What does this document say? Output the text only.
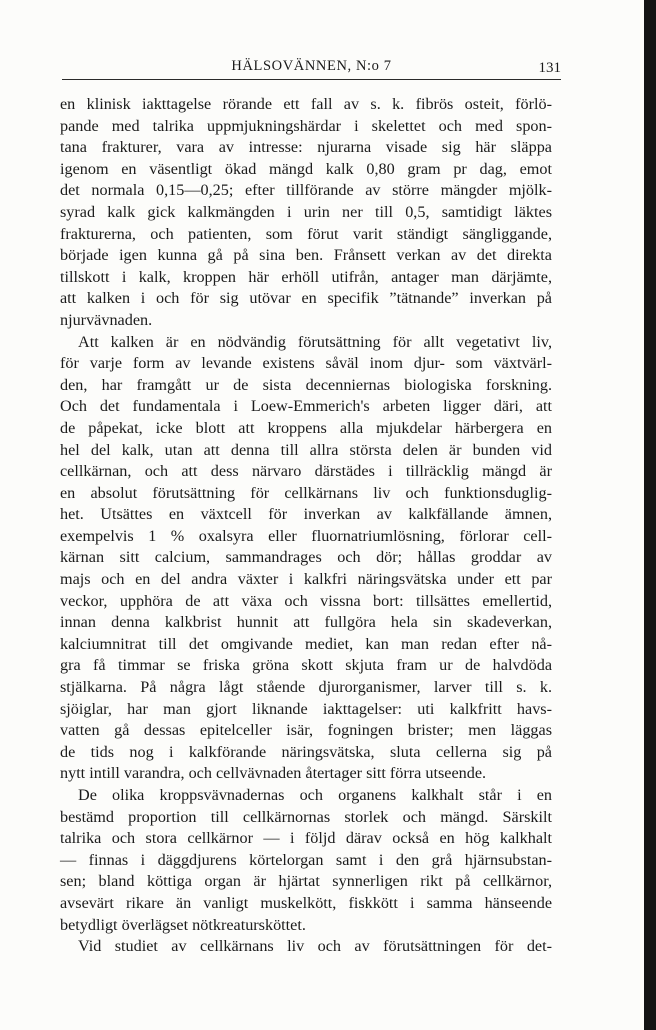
HÄLSOVÄNNEN, N:o 7	131
en klinisk iakttagelse rörande ett fall av s. k. fibrös osteit, förlö-
pande med talrika uppmjukningshärdar i skelettet och med spon-
tana frakturer, vara av intresse: njurarna visade sig här släppa
igenom en väsentligt ökad mängd kalk 0,80 gram pr dag, emot
det normala 0,15—0,25; efter tillförande av större mängder mjölk-
syrad kalk gick kalkmängden i urin ner till 0,5, samtidigt läktes
frakturerna, och patienten, som förut varit ständigt sängliggande,
började igen kunna gå på sina ben. Frånsett verkan av det direkta
tillskott i kalk, kroppen här erhöll utifrån, antager man därjämte,
att kalken i och för sig utövar en specifik ”tätnande” inverkan på
njurvävnaden.
Att kalken är en nödvändig förutsättning för allt vegetativt liv,
för varje form av levande existens såväl inom djur- som växtvärl-
den, har framgått ur de sista decenniernas biologiska forskning.
Och det fundamentala i Loew-Emmerich's arbeten ligger däri, att
de påpekat, icke blott att kroppens alla mjukdelar härbergera en
hel del kalk, utan att denna till allra största delen är bunden vid
cellkärnan, och att dess närvaro därstädes i tillräcklig mängd är
en absolut förutsättning för cellkärnans liv och funktionsduglig-
het. Utsättes en växtcell för inverkan av kalkfällande ämnen,
exempelvis 1 % oxalsyra eller fluornatriumlösning, förlorar cell-
kärnan sitt calcium, sammandrages och dör; hållas groddar av
majs och en del andra växter i kalkfri näringsvätska under ett par
veckor, upphöra de att växa och vissna bort: tillsättes emellertid,
innan denna kalkbrist hunnit att fullgöra hela sin skadeverkan,
kalciumnitrat till det omgivande mediet, kan man redan efter nå-
gra få timmar se friska gröna skott skjuta fram ur de halvdöda
stjälkarna. På några lågt stående djurorganismer, larver till s. k.
sjöiglar, har man gjort liknande iakttagelser: uti kalkfritt havs-
vatten gå dessas epitelceller isär, fogningen brister; men läggas
de tids nog i kalkförande näringsvätska, sluta cellerna sig på
nytt intill varandra, och cellvävnaden återtager sitt förra utseende.
De olika kroppsvävnadernas och organens kalkhalt står i en
bestämd proportion till cellkärnornas storlek och mängd. Särskilt
talrika och stora cellkärnor — i följd därav också en hög kalkhalt
— finnas i däggdjurens körtelorgan samt i den grå hjärnsubstan-
sen; bland köttiga organ är hjärtat synnerligen rikt på cellkärnor,
avsevärt rikare än vanligt muskelkött, fiskkött i samma hänseende
betydligt överlägset nötkreatursköttet.
Vid studiet av cellkärnans liv och av förutsättningen för det-
